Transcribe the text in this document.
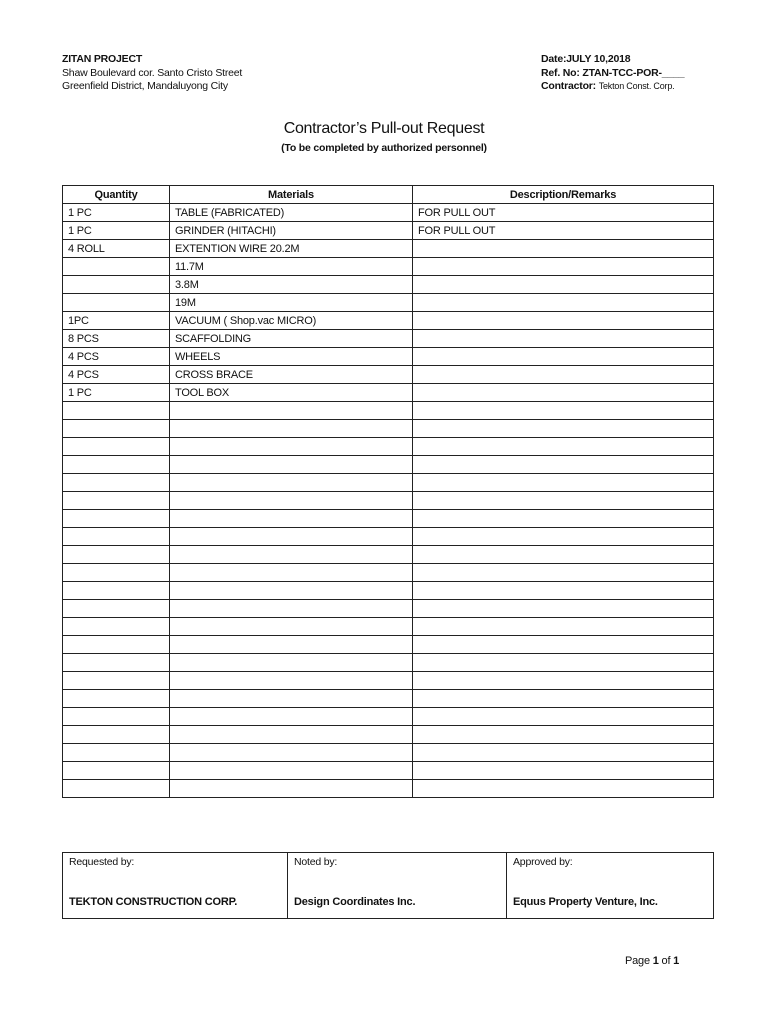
ZITAN PROJECT
Shaw Boulevard cor. Santo Cristo Street
Greenfield District, Mandaluyong City
Date:JULY 10,2018
Ref. No: ZTAN-TCC-POR-____
Contractor: Tekton Const. Corp.
Contractor’s Pull-out Request
(To be completed by authorized personnel)
Quantity	Materials	Description/Remarks
1 PC	TABLE (FABRICATED)	FOR PULL OUT
1 PC	GRINDER (HITACHI)	FOR PULL OUT
4 ROLL	EXTENTION WIRE 20.2M	
	11.7M	
	3.8M	
	19M	
1PC	VACUUM ( Shop.vac MICRO)	
8 PCS	SCAFFOLDING	
4 PCS	WHEELS	
4 PCS	CROSS BRACE	
1 PC	TOOL BOX	

Requested by:
TEKTON CONSTRUCTION CORP.

Noted by:
Design Coordinates Inc.

Approved by:
Equus Property Venture, Inc.
Page 1 of 1
